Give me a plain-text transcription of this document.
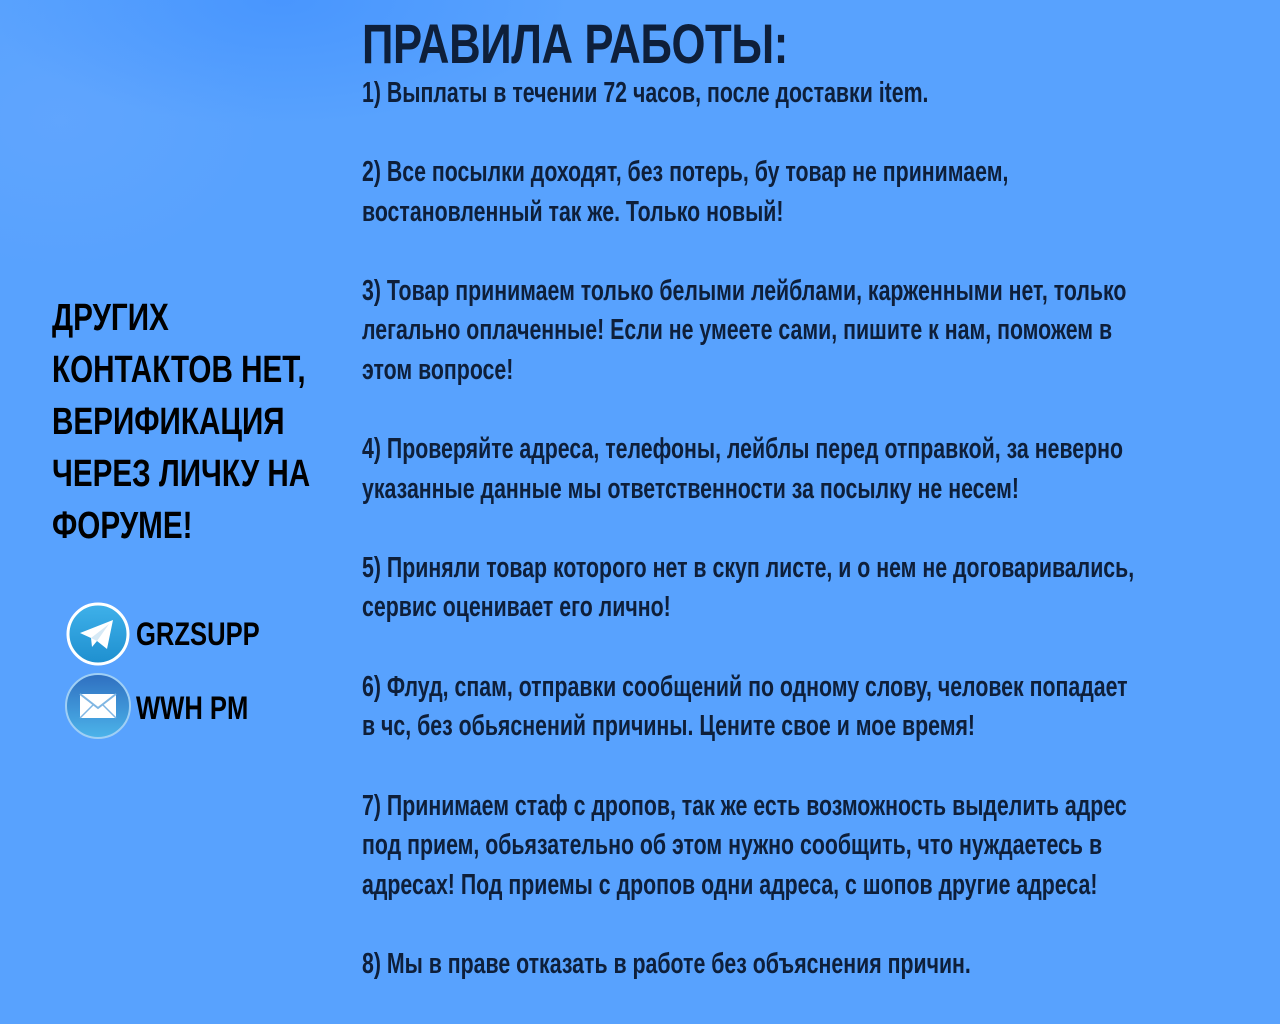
ПРАВИЛА РАБОТЫ:
1) Выплаты в течении 72 часов, после доставки item.
2) Все посылки доходят, без потерь, бу товар не принимаем,
востановленный так же. Только новый!
3) Товар принимаем только белыми лейблами, карженными нет, только
легально оплаченные! Если не умеете сами, пишите к нам, поможем в
этом вопросе!
4) Проверяйте адреса, телефоны, лейблы перед отправкой, за неверно
указанные данные мы ответственности за посылку не несем!
5) Приняли товар которого нет в скуп листе, и о нем не договаривались,
сервис оценивает его лично!
6) Флуд, спам, отправки сообщений по одному слову, человек попадает
в чс, без обьяснений причины. Цените свое и мое время!
7) Принимаем стаф с дропов, так же есть возможность выделить адрес
под прием, обьязательно об этом нужно сообщить, что нуждаетесь в
адресах! Под приемы с дропов одни адреса, с шопов другие адреса!
8) Мы в праве отказать в работе без объяснения причин.
ДРУГИХ
КОНТАКТОВ НЕТ,
ВЕРИФИКАЦИЯ
ЧЕРЕЗ ЛИЧКУ НА
ФОРУМЕ!
GRZSUPP
WWH PM
